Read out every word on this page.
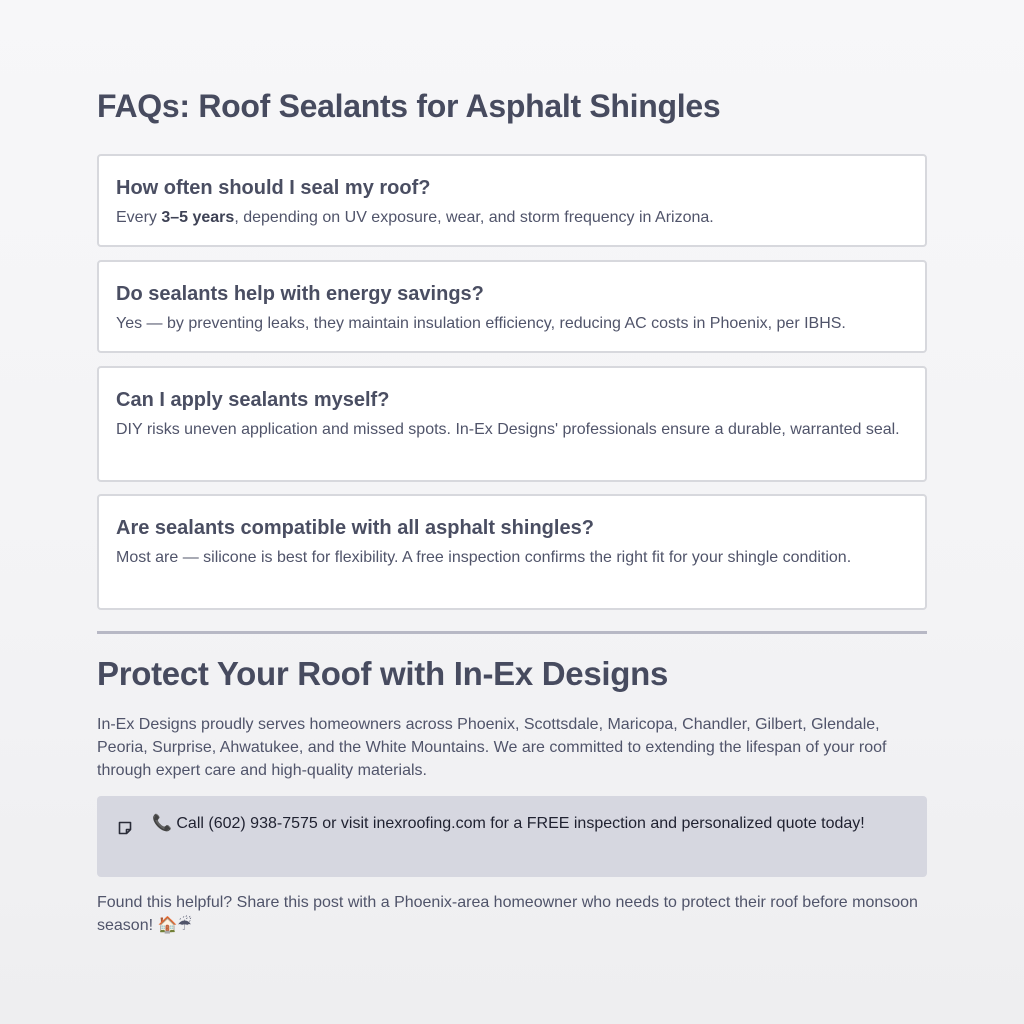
FAQs: Roof Sealants for Asphalt Shingles

How often should I seal my roof?

Every 3–5 years, depending on UV exposure, wear, and storm frequency in Arizona.

Do sealants help with energy savings?

Yes — by preventing leaks, they maintain insulation efficiency, reducing AC costs in Phoenix, per IBHS.

Can I apply sealants myself?

DIY risks uneven application and missed spots. In-Ex Designs' professionals ensure a durable, warranted seal.

Are sealants compatible with all asphalt shingles?

Most are — silicone is best for flexibility. A free inspection confirms the right fit for your shingle condition.

Protect Your Roof with In-Ex Designs

In-Ex Designs proudly serves homeowners across Phoenix, Scottsdale, Maricopa, Chandler, Gilbert, Glendale, Peoria, Surprise, Ahwatukee, and the White Mountains. We are committed to extending the lifespan of your roof through expert care and high-quality materials.

📞 Call (602) 938-7575 or visit inexroofing.com for a FREE inspection and personalized quote today!

Found this helpful? Share this post with a Phoenix-area homeowner who needs to protect their roof before monsoon season! 🏠☔
